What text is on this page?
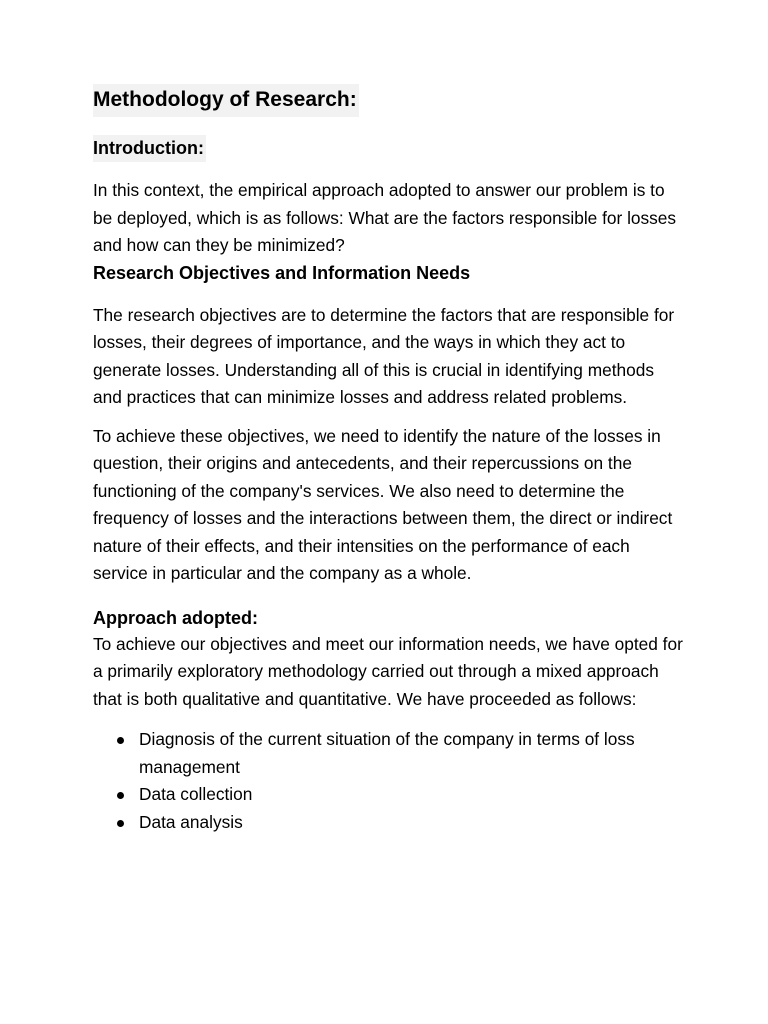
Methodology of Research:
Introduction:

In this context, the empirical approach adopted to answer our problem is to be deployed, which is as follows: What are the factors responsible for losses and how can they be minimized?

Research Objectives and Information Needs

The research objectives are to determine the factors that are responsible for losses, their degrees of importance, and the ways in which they act to generate losses. Understanding all of this is crucial in identifying methods and practices that can minimize losses and address related problems.

To achieve these objectives, we need to identify the nature of the losses in question, their origins and antecedents, and their repercussions on the functioning of the company's services. We also need to determine the frequency of losses and the interactions between them, the direct or indirect nature of their effects, and their intensities on the performance of each service in particular and the company as a whole.

Approach adopted:

To achieve our objectives and meet our information needs, we have opted for a primarily exploratory methodology carried out through a mixed approach that is both qualitative and quantitative. We have proceeded as follows:

Diagnosis of the current situation of the company in terms of loss management
Data collection
Data analysis
